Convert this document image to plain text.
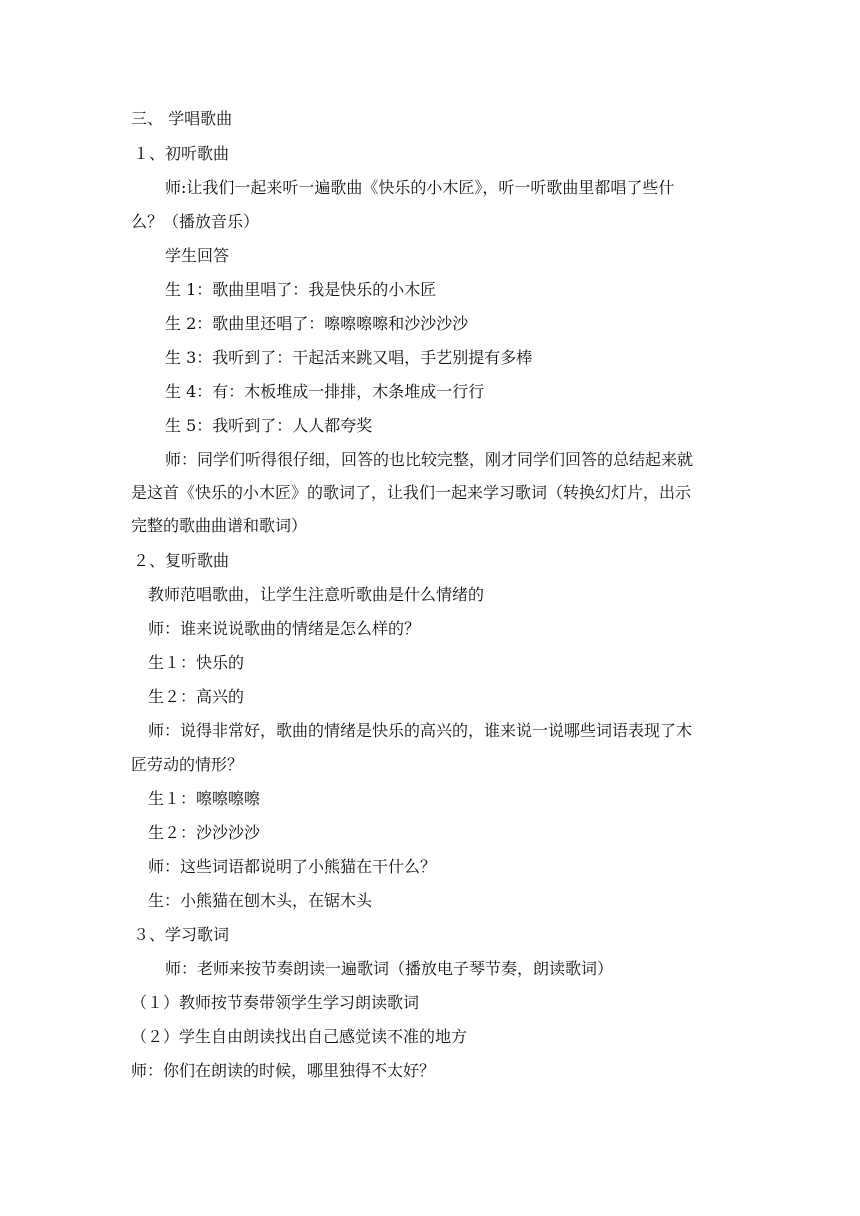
三、 学唱歌曲
１、初听歌曲
师:让我们一起来听一遍歌曲《快乐的小木匠》，听一听歌曲里都唱了些什
么？（播放音乐）
学生回答
生 1：歌曲里唱了：我是快乐的小木匠
生 2：歌曲里还唱了：嚓嚓嚓嚓和沙沙沙沙
生 3：我听到了：干起活来跳又唱，手艺别提有多棒
生 4：有：木板堆成一排排，木条堆成一行行
生 5：我听到了：人人都夸奖
师：同学们听得很仔细，回答的也比较完整，刚才同学们回答的总结起来就
是这首《快乐的小木匠》的歌词了，让我们一起来学习歌词（转换幻灯片，出示
完整的歌曲曲谱和歌词）
２、复听歌曲
教师范唱歌曲，让学生注意听歌曲是什么情绪的
师：谁来说说歌曲的情绪是怎么样的？
生１：快乐的
生２：高兴的
师：说得非常好，歌曲的情绪是快乐的高兴的，谁来说一说哪些词语表现了木
匠劳动的情形？
生１：嚓嚓嚓嚓
生２：沙沙沙沙
师：这些词语都说明了小熊猫在干什么？
生：小熊猫在刨木头，在锯木头
３、学习歌词
师：老师来按节奏朗读一遍歌词（播放电子琴节奏，朗读歌词）
（１）教师按节奏带领学生学习朗读歌词
（２）学生自由朗读找出自己感觉读不准的地方
师：你们在朗读的时候，哪里独得不太好？
